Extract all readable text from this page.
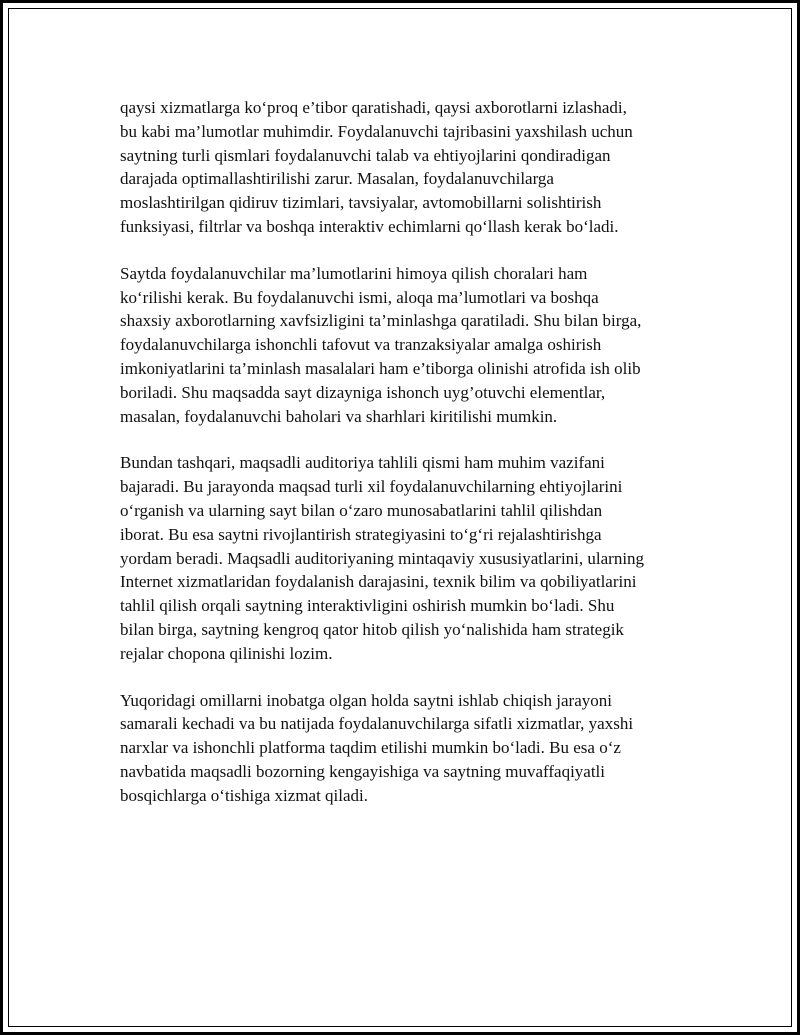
qaysi xizmatlarga ko‘proq e’tibor qaratishadi, qaysi axborotlarni izlashadi,
bu kabi ma’lumotlar muhimdir. Foydalanuvchi tajribasini yaxshilash uchun
saytning turli qismlari foydalanuvchi talab va ehtiyojlarini qondiradigan
darajada optimallashtirilishi zarur. Masalan, foydalanuvchilarga
moslashtirilgan qidiruv tizimlari, tavsiyalar, avtomobillarni solishtirish
funksiyasi, filtrlar va boshqa interaktiv echimlarni qo‘llash kerak bo‘ladi.

Saytda foydalanuvchilar ma’lumotlarini himoya qilish choralari ham
ko‘rilishi kerak. Bu foydalanuvchi ismi, aloqa ma’lumotlari va boshqa
shaxsiy axborotlarning xavfsizligini ta’minlashga qaratiladi. Shu bilan birga,
foydalanuvchilarga ishonchli tafovut va tranzaksiyalar amalga oshirish
imkoniyatlarini ta’minlash masalalari ham e’tiborga olinishi atrofida ish olib
boriladi. Shu maqsadda sayt dizayniga ishonch uyg’otuvchi elementlar,
masalan, foydalanuvchi baholari va sharhlari kiritilishi mumkin.

Bundan tashqari, maqsadli auditoriya tahlili qismi ham muhim vazifani
bajaradi. Bu jarayonda maqsad turli xil foydalanuvchilarning ehtiyojlarini
o‘rganish va ularning sayt bilan o‘zaro munosabatlarini tahlil qilishdan
iborat. Bu esa saytni rivojlantirish strategiyasini to‘g‘ri rejalashtirishga
yordam beradi. Maqsadli auditoriyaning mintaqaviy xususiyatlarini, ularning
Internet xizmatlaridan foydalanish darajasini, texnik bilim va qobiliyatlarini
tahlil qilish orqali saytning interaktivligini oshirish mumkin bo‘ladi. Shu
bilan birga, saytning kengroq qator hitob qilish yo‘nalishida ham strategik
rejalar chopona qilinishi lozim.

Yuqoridagi omillarni inobatga olgan holda saytni ishlab chiqish jarayoni
samarali kechadi va bu natijada foydalanuvchilarga sifatli xizmatlar, yaxshi
narxlar va ishonchli platforma taqdim etilishi mumkin bo‘ladi. Bu esa o‘z
navbatida maqsadli bozorning kengayishiga va saytning muvaffaqiyatli
bosqichlarga o‘tishiga xizmat qiladi.
